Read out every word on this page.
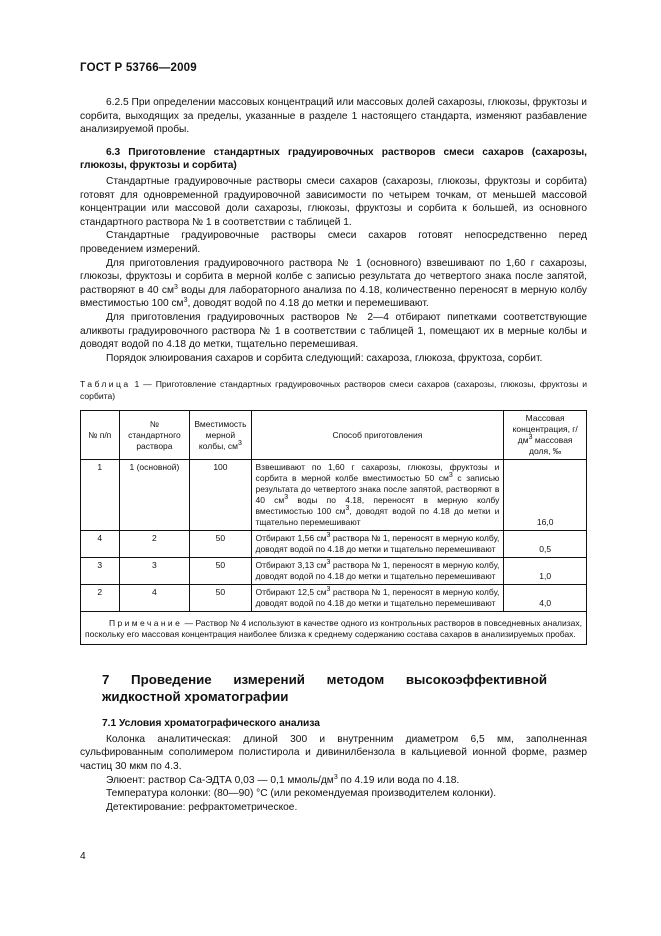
ГОСТ Р 53766—2009

6.2.5 При определении массовых концентраций или массовых долей сахарозы, глюкозы, фруктозы и сорбита, выходящих за пределы, указанные в разделе 1 настоящего стандарта, изменяют разбавление анализируемой пробы.

6.3 Приготовление стандартных градуировочных растворов смеси сахаров (сахарозы, глюкозы, фруктозы и сорбита)

Стандартные градуировочные растворы смеси сахаров (сахарозы, глюкозы, фруктозы и сорбита) готовят для одновременной градуировочной зависимости по четырем точкам, от меньшей массовой концентрации или массовой доли сахарозы, глюкозы, фруктозы и сорбита к большей, из основного стандартного раствора № 1 в соответствии с таблицей 1.

Стандартные градуировочные растворы смеси сахаров готовят непосредственно перед проведением измерений.

Для приготовления градуировочного раствора № 1 (основного) взвешивают по 1,60 г сахарозы, глюкозы, фруктозы и сорбита в мерной колбе с записью результата до четвертого знака после запятой, растворяют в 40 $см^3$ воды для лабораторного анализа по 4.18, количественно переносят в мерную колбу вместимостью 100 $см^3$, доводят водой по 4.18 до метки и перемешивают.

Для приготовления градуировочных растворов № 2—4 отбирают пипетками соответствующие аликвоты градуировочного раствора № 1 в соответствии с таблицей 1, помещают их в мерные колбы и доводят водой по 4.18 до метки, тщательно перемешивая.

Порядок элюирования сахаров и сорбита следующий: сахароза, глюкоза, фруктоза, сорбит.

Таблица 1 — Приготовление стандартных градуировочных растворов смеси сахаров (сахарозы, глюкозы, фруктозы и сорбита)
№ п/п	№ стандартного раствора	Вместимость мерной колбы, $см^3$	Способ приготовления	Массовая концентрация, $г/дм^3$ массовая доля, ‰
1	1 (основной)	100	Взвешивают по 1,60 г сахарозы, глюкозы, фруктозы и сорбита в мерной колбе вместимостью 50 $см^3$ с записью результата до четвертого знака после запятой, растворяют в 40 $см^3$ воды по 4.18, переносят в мерную колбу вместимостью 100 $см^3$, доводят водой по 4.18 до метки и тщательно перемешивают	16,0
4	2	50	Отбирают 1,56 $см^3$ раствора № 1, переносят в мерную колбу, доводят водой по 4.18 до метки и тщательно перемешивают	0,5
3	3	50	Отбирают 3,13 $см^3$ раствора № 1, переносят в мерную колбу, доводят водой по 4.18 до метки и тщательно перемешивают	1,0
2	4	50	Отбирают 12,5 $см^3$ раствора № 1, переносят в мерную колбу, доводят водой по 4.18 до метки и тщательно перемешивают	4,0
Примечание — Раствор № 4 используют в качестве одного из контрольных растворов в повседневных анализах, поскольку его массовая концентрация наиболее близка к среднему содержанию состава сахаров в анализируемых пробах.				

7 Проведение измерений методом высокоэффективной жидкостной хроматографии

7.1 Условия хроматографического анализа

Колонка аналитическая: длиной 300 и внутренним диаметром 6,5 мм, заполненная сульфированным сополимером полистирола и дивинилбензола в кальциевой ионной форме, размер частиц 30 мкм по 4.3.

Элюент: раствор Са-ЭДТА 0,03 — 0,1 ммоль/$дм^3$ по 4.19 или вода по 4.18.

Температура колонки: (80—90) °С (или рекомендуемая производителем колонки).

Детектирование: рефрактометрическое.

4
